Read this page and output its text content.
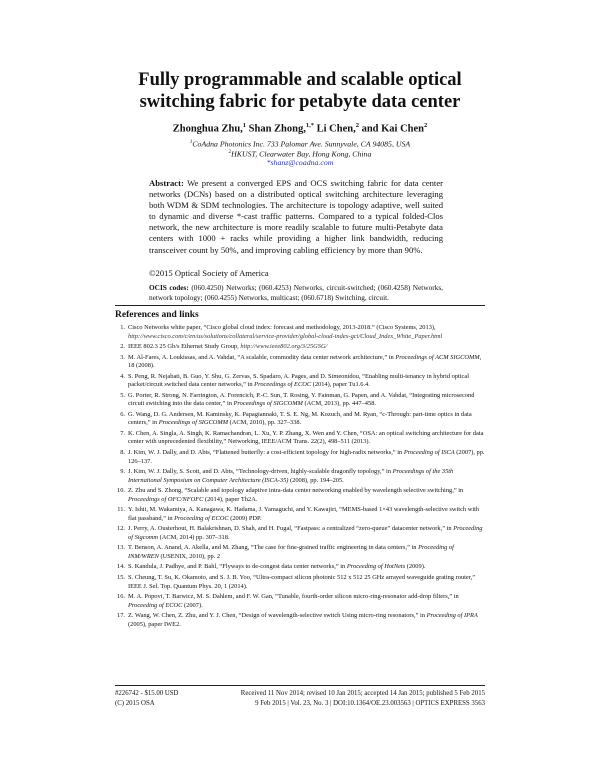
Fully programmable and scalable optical
switching fabric for petabyte data center
Zhonghua Zhu,$^1$ Shan Zhong,$^{1,*}$ Li Chen,$^2$ and Kai Chen$^2$
$^1$CoAdna Photonics Inc. 733 Palomar Ave. Sunnyvale, CA 94085, USA
$^2$HKUST, Clearwater Bay, Hong Kong, China
*shanz@coadna.com
Abstract: We present a converged EPS and OCS switching fabric for data center networks (DCNs) based on a distributed optical switching architecture leveraging both WDM & SDM technologies. The architecture is topology adaptive, well suited to dynamic and diverse *-cast traffic patterns. Compared to a typical folded-Clos network, the new architecture is more readily scalable to future multi-Petabyte data centers with 1000 + racks while providing a higher link bandwidth, reducing transceiver count by 50%, and improving cabling efficiency by more than 90%.
©2015 Optical Society of America
OCIS codes: (060.4250) Networks; (060.4253) Networks, circuit-switched; (060.4258) Networks, network topology; (060.4255) Networks, multicast; (060.6718) Switching, circuit.
References and links
1. Cisco Networks white paper, “Cisco global cloud index: forecast and methodology, 2013-2018.” (Cisco Systems, 2013), http://www.cisco.com/c/en/us/solutions/collateral/service-provider/global-cloud-index-gci/Cloud_Index_White_Paper.html
2. IEEE 802.3 25 Gb/s Ethernet Study Group, http://www.ieee802.org/3/25GSG/
3. M. Al-Fares, A. Loukissas, and A. Vahdat, “A scalable, commodity data center network architecture,” in Proceedings of ACM SIGCOMM, 18 (2008).
4. S. Peng, R. Nejabati, B. Guo, Y. Shu, G. Zervas, S. Spadaro, A. Pages, and D. Simeonidou, “Enabling multi-tenancy in hybrid optical packet/circuit switched data center networks,” in Proceedings of ECOC (2014), paper Tu1.6.4.
5. G. Porter, R. Strong, N. Farrington, A. Forencich, P.-C. Sun, T. Rosing, Y. Fainman, G. Papen, and A. Vahdat, “Integrating microsecond circuit switching into the data center,” in Proceedings of SIGCOMM (ACM, 2013), pp. 447–458.
6. G. Wang, D. G. Andersen, M. Kaminsky, K. Papagiannaki, T. S. E. Ng, M. Kozuch, and M. Ryan, “c-Through: part-time optics in data centers,” in Proceedings of SIGCOMM (ACM, 2010), pp. 327–338.
7. K. Chen, A. Singla, A. Singh, K. Ramachandran, L. Xu, Y. P. Zhang, X. Wen and Y. Chen, “OSA: an optical switching architecture for data center with unprecedented flexibility,” Networking, IEEE/ACM Trans. 22(2), 498–511 (2013).
8. J. Kim, W. J. Dally, and D. Abts, “Flattened butterfly: a cost-efficient topology for high-radix networks,” in Proceeding of ISCA (2007), pp. 126–137.
9. J. Kim, W. J. Dally, S. Scott, and D. Abts, “Technology-driven, highly-scalable dragonfly topology,” in Proceedings of the 35th International Symposium on Computer Architecture (ISCA-35) (2008), pp. 194–205.
10. Z. Zhu and S. Zhong, “Scalable and topology adaptive intra-data center networking enabled by wavelength selective switching,” in Proceedings of OFC/NFOFC (2014), paper Th2A.
11. Y. Ishii, M. Wakamiya, A. Kanagawa, K. Hadama, J. Yamaguchi, and Y. Kawajiri, “MEMS-based 1×43 wavelength-selective switch with flat passband,” in Proceeding of ECOC (2009) PDP.
12. J. Perry, A. Ousterhout, H. Balakrishnan, D. Shah, and H. Fugal, “Fastpass: a centralized “zero-queue” datacenter network,” in Proceeding of Sigcomm (ACM, 2014) pp. 307–318.
13. T. Benson, A. Anand, A. Akella, and M. Zhang, “The case for fine-grained traffic engineering in data centers,” in Proceeding of INM/WREN (USENIX, 2010), pp. 2
14. S. Kandula, J. Padhye, and P. Bahl, “Flyways to de-congest data center networks,” in Proceeding of HotNets (2009).
15. S. Cheung, T. Su, K. Okamoto, and S. J. B. Yoo, “Ultra-compact silicon photonic 512 x 512 25 GHz arrayed waveguide grating router,” IEEE J. Sel. Top. Quantum Phys. 20, 1 (2014).
16. M. A. Popovi, T. Barwicz, M. S. Dahlem, and F. W. Gan, “Tunable, fourth-order silicon micro-ring-resonator add-drop filters,” in Proceeding of ECOC (2007).
17. Z. Wang, W. Chen, Z. Zhu, and Y. J. Chen, “Design of wavelength-selective switch Using micro-ring resonators,” in Proceeding of IPRA (2005), paper IWE2.
#226742 - $15.00 USD
(C) 2015 OSA
Received 11 Nov 2014; revised 10 Jan 2015; accepted 14 Jan 2015; published 5 Feb 2015
9 Feb 2015 | Vol. 23, No. 3 | DOI:10.1364/OE.23.003563 | OPTICS EXPRESS 3563
